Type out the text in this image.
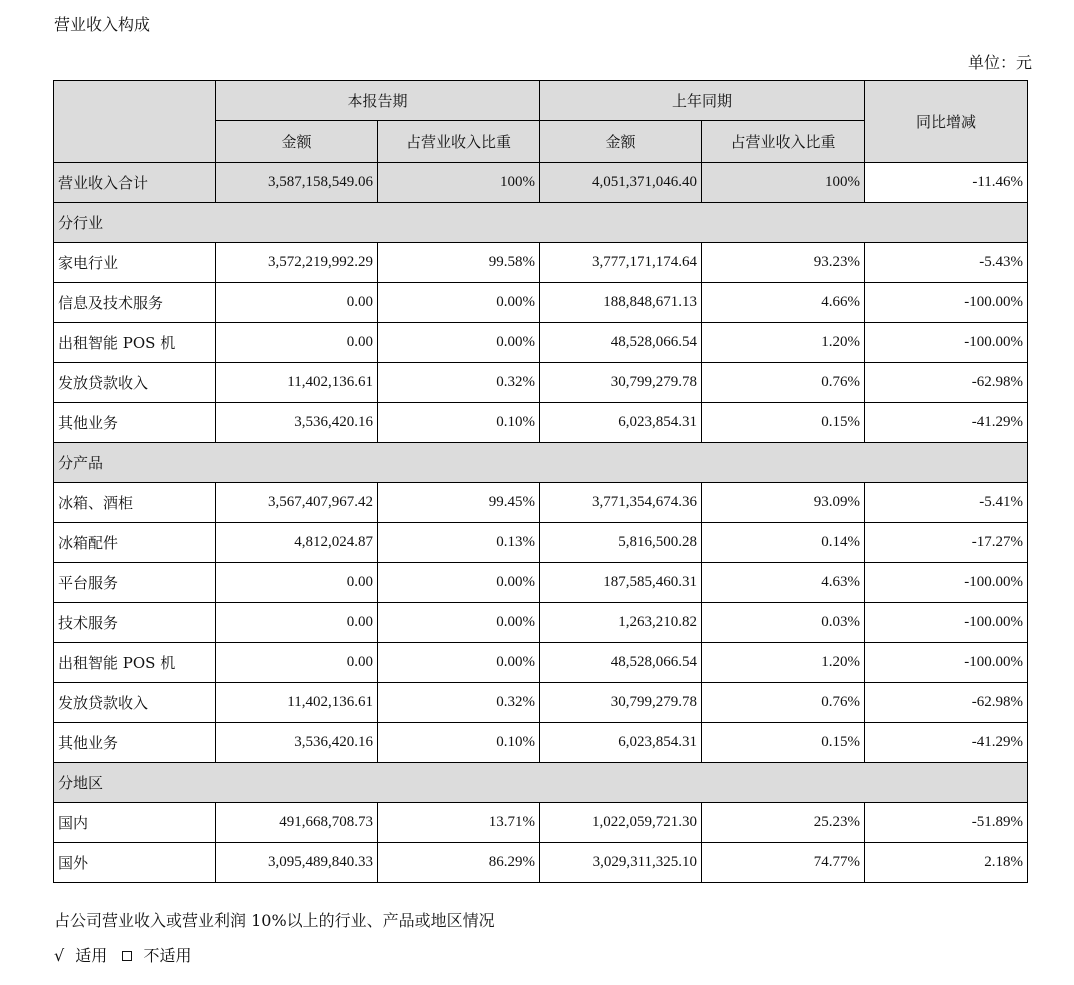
营业收入构成
单位：元
	本报告期		上年同期		同比增减
	金额	占营业收入比重	金额	占营业收入比重	
营业收入合计	3,587,158,549.06	100%	4,051,371,046.40	100%	-11.46%
分行业					
家电行业	3,572,219,992.29	99.58%	3,777,171,174.64	93.23%	-5.43%
信息及技术服务	0.00	0.00%	188,848,671.13	4.66%	-100.00%
出租智能 POS 机	0.00	0.00%	48,528,066.54	1.20%	-100.00%
发放贷款收入	11,402,136.61	0.32%	30,799,279.78	0.76%	-62.98%
其他业务	3,536,420.16	0.10%	6,023,854.31	0.15%	-41.29%
分产品					
冰箱、酒柜	3,567,407,967.42	99.45%	3,771,354,674.36	93.09%	-5.41%
冰箱配件	4,812,024.87	0.13%	5,816,500.28	0.14%	-17.27%
平台服务	0.00	0.00%	187,585,460.31	4.63%	-100.00%
技术服务	0.00	0.00%	1,263,210.82	0.03%	-100.00%
出租智能 POS 机	0.00	0.00%	48,528,066.54	1.20%	-100.00%
发放贷款收入	11,402,136.61	0.32%	30,799,279.78	0.76%	-62.98%
其他业务	3,536,420.16	0.10%	6,023,854.31	0.15%	-41.29%
分地区					
国内	491,668,708.73	13.71%	1,022,059,721.30	25.23%	-51.89%
国外	3,095,489,840.33	86.29%	3,029,311,325.10	74.77%	2.18%
占公司营业收入或营业利润 10%以上的行业、产品或地区情况
√ 适用 不适用
